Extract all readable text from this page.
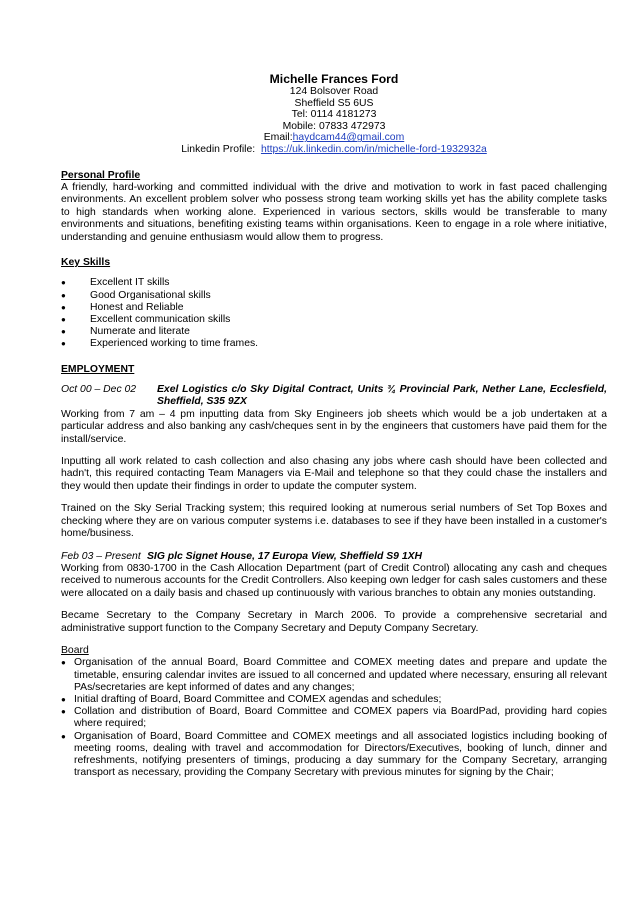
Michelle Frances Ford
124 Bolsover Road
Sheffield S5 6US
Tel: 0114 4181273
Mobile: 07833 472973
Email:haydcam44@gmail.com
Linkedin Profile:  https://uk.linkedin.com/in/michelle-ford-1932932a
Personal Profile

A friendly, hard-working and committed individual with the drive and motivation to work in fast paced challenging environments. An excellent problem solver who possess strong team working skills yet has the ability complete tasks to high standards when working alone. Experienced in various sectors, skills would be transferable to many environments and situations, benefiting existing teams within organisations. Keen to engage in a role where initiative, understanding and genuine enthusiasm would allow them to progress.

Key Skills
● Excellent IT skills
● Good Organisational skills
● Honest and Reliable
● Excellent communication skills
● Numerate and literate
● Experienced working to time frames.
EMPLOYMENT
Oct 00 – Dec 02	Exel Logistics c/o Sky Digital Contract, Units ¾ Provincial Park, Nether Lane, Ecclesfield, Sheffield, S35 9ZX

Working from 7 am – 4 pm inputting data from Sky Engineers job sheets which would be a job undertaken at a particular address and also banking any cash/cheques sent in by the engineers that customers have paid them for the install/service.

Inputting all work related to cash collection and also chasing any jobs where cash should have been collected and hadn't, this required contacting Team Managers via E-Mail and telephone so that they could chase the installers and they would then update their findings in order to update the computer system.

Trained on the Sky Serial Tracking system; this required looking at numerous serial numbers of Set Top Boxes and checking where they are on various computer systems i.e. databases to see if they have been installed in a customer's home/business.

Feb 03 – Present SIG plc Signet House, 17 Europa View, Sheffield S9 1XH

Working from 0830-1700 in the Cash Allocation Department (part of Credit Control) allocating any cash and cheques received to numerous accounts for the Credit Controllers. Also keeping own ledger for cash sales customers and these were allocated on a daily basis and chased up continuously with various branches to obtain any monies outstanding.

Became Secretary to the Company Secretary in March 2006. To provide a comprehensive secretarial and administrative support function to the Company Secretary and Deputy Company Secretary.

Board
● Organisation of the annual Board, Board Committee and COMEX meeting dates and prepare and update the timetable, ensuring calendar invites are issued to all concerned and updated where necessary, ensuring all relevant PAs/secretaries are kept informed of dates and any changes;
● Initial drafting of Board, Board Committee and COMEX agendas and schedules;
● Collation and distribution of Board, Board Committee and COMEX papers via BoardPad, providing hard copies where required;
● Organisation of Board, Board Committee and COMEX meetings and all associated logistics including booking of meeting rooms, dealing with travel and accommodation for Directors/Executives, booking of lunch, dinner and refreshments, notifying presenters of timings, producing a day summary for the Company Secretary, arranging transport as necessary, providing the Company Secretary with previous minutes for signing by the Chair;
